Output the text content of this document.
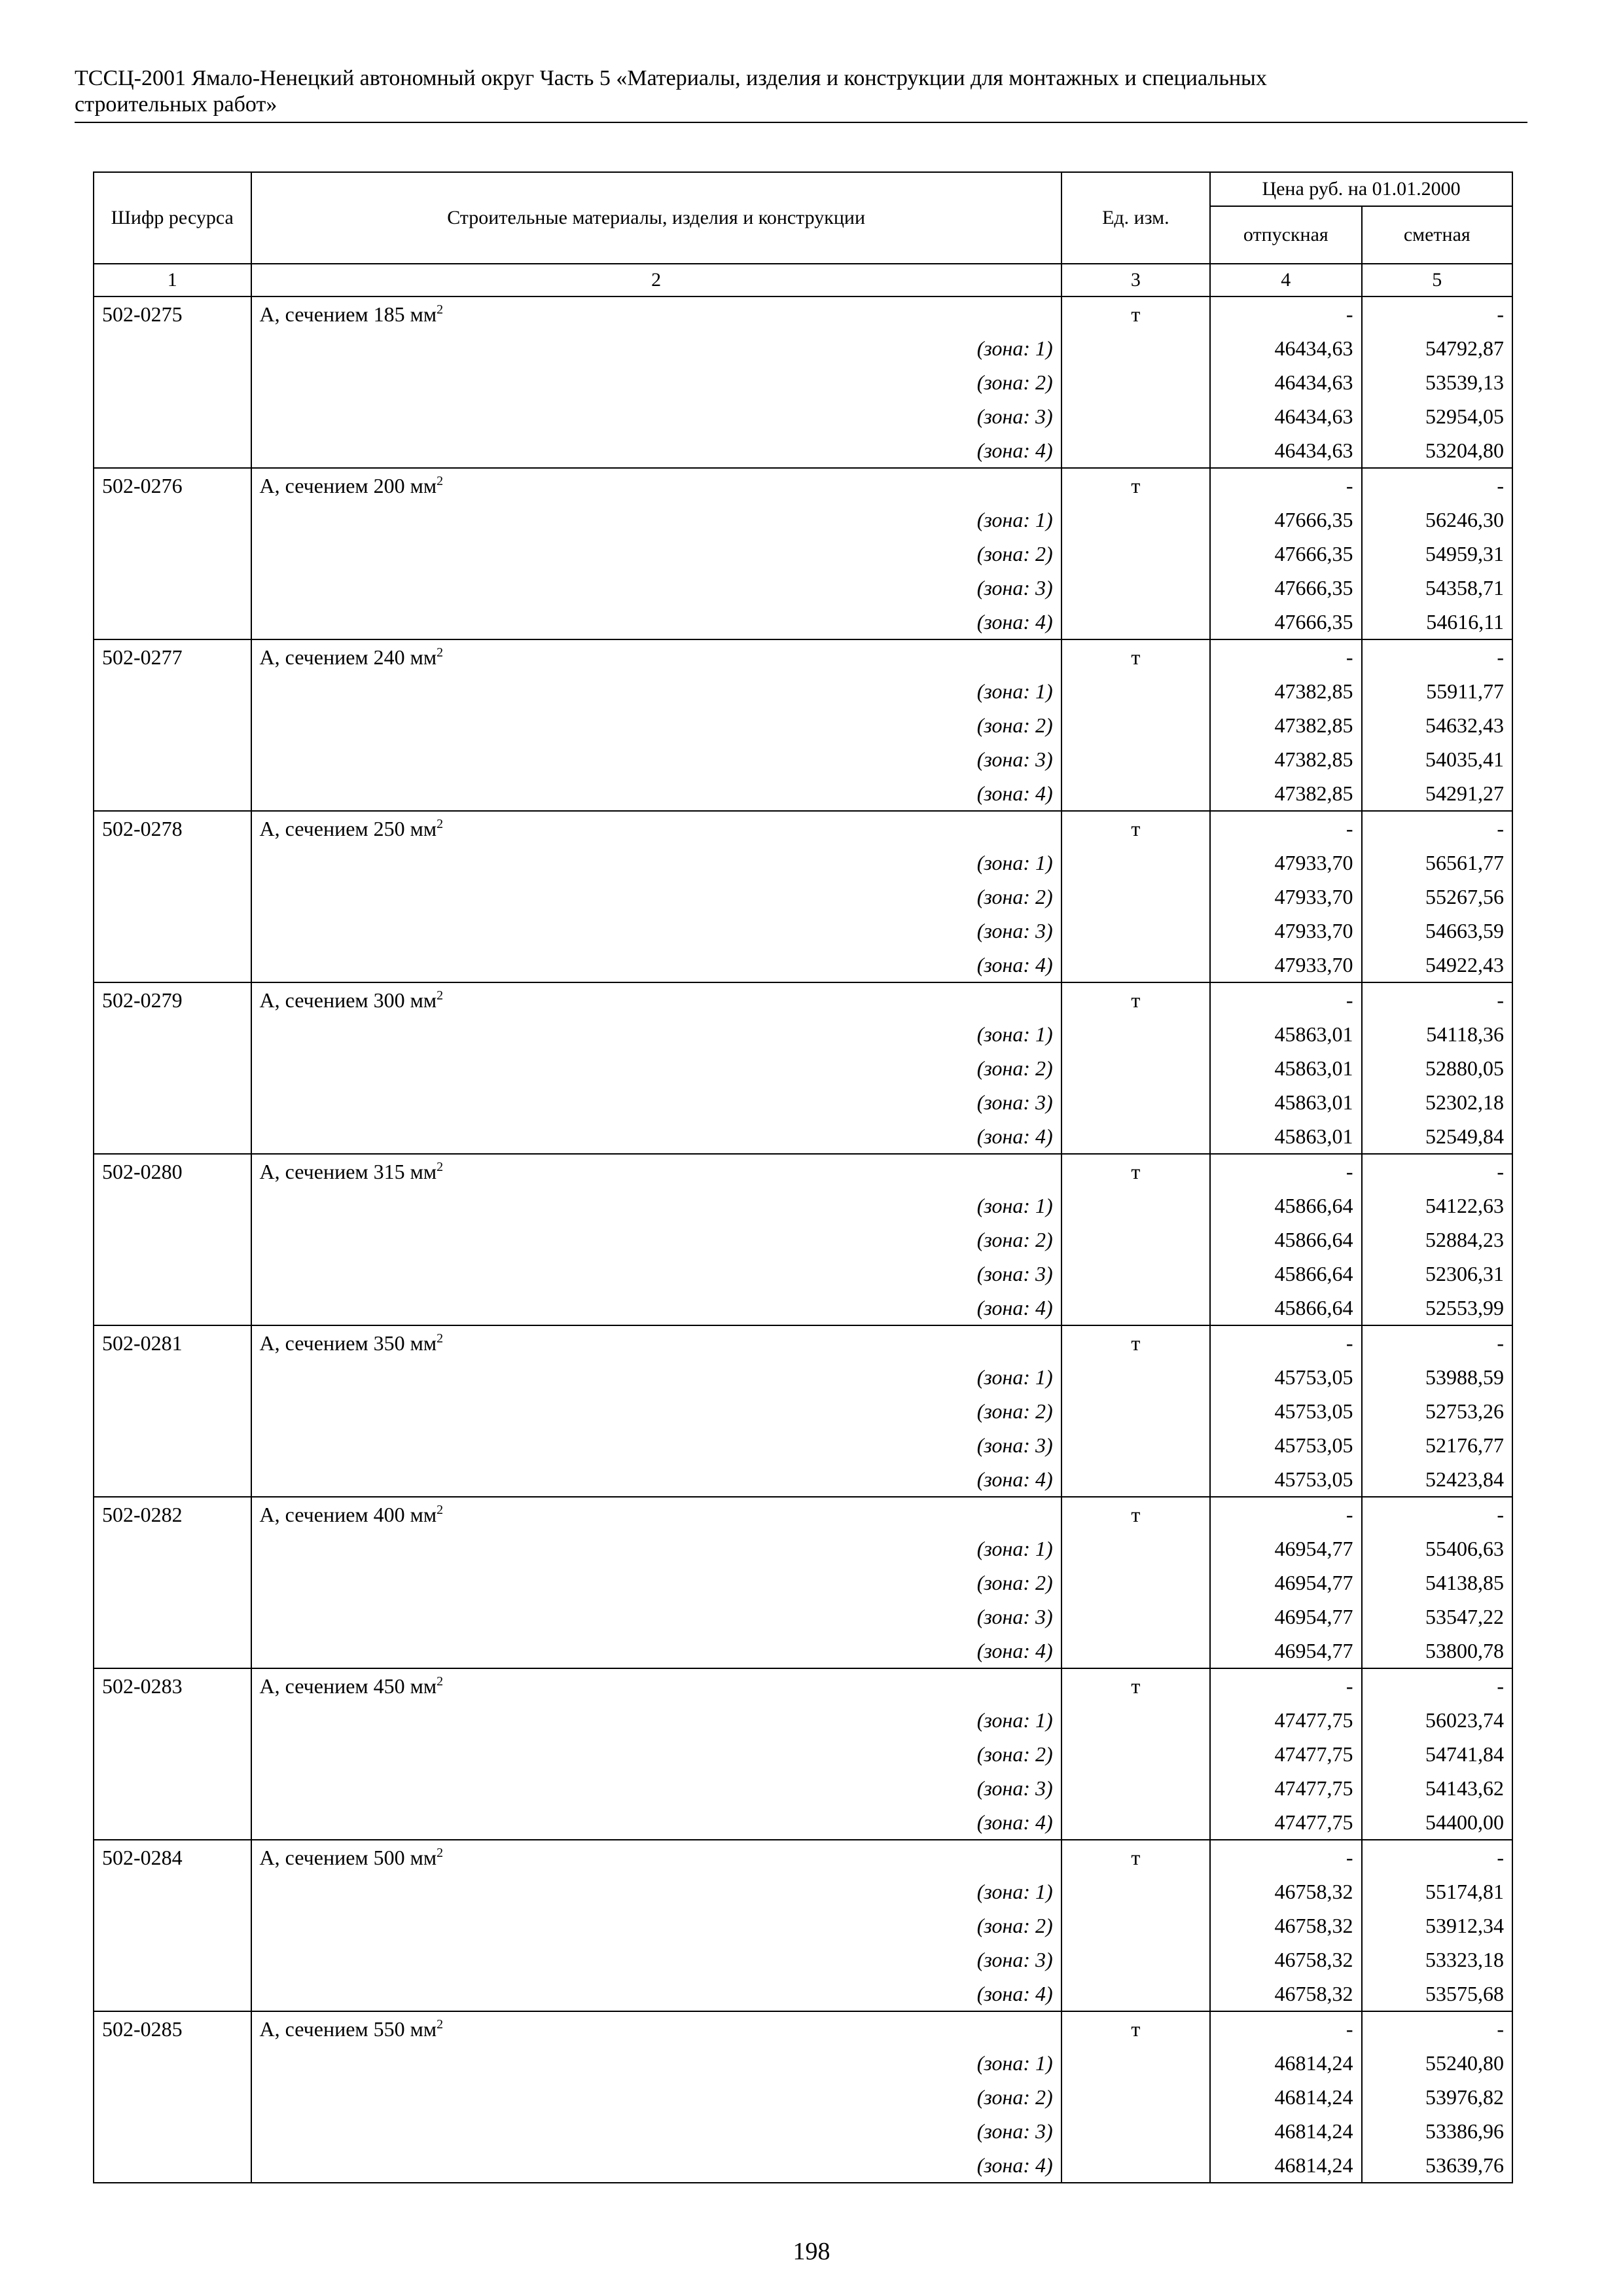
ТССЦ-2001 Ямало-Ненецкий автономный округ Часть 5 «Материалы, изделия и конструкции для монтажных и специальных
строительных работ»
Шифр ресурса	Строительные материалы, изделия и конструкции	Ед. изм.	Цена руб. на 01.01.2000	
			отпускная	сметная
1	2	3	4	5
502-0275	А, сечением 185 $мм^2$	т	-	-
	(зона: 1)		46434,63	54792,87
	(зона: 2)		46434,63	53539,13
	(зона: 3)		46434,63	52954,05
	(зона: 4)		46434,63	53204,80
502-0276	А, сечением 200 $мм^2$	т	-	-
	(зона: 1)		47666,35	56246,30
	(зона: 2)		47666,35	54959,31
	(зона: 3)		47666,35	54358,71
	(зона: 4)		47666,35	54616,11
502-0277	А, сечением 240 $мм^2$	т	-	-
	(зона: 1)		47382,85	55911,77
	(зона: 2)		47382,85	54632,43
	(зона: 3)		47382,85	54035,41
	(зона: 4)		47382,85	54291,27
502-0278	А, сечением 250 $мм^2$	т	-	-
	(зона: 1)		47933,70	56561,77
	(зона: 2)		47933,70	55267,56
	(зона: 3)		47933,70	54663,59
	(зона: 4)		47933,70	54922,43
502-0279	А, сечением 300 $мм^2$	т	-	-
	(зона: 1)		45863,01	54118,36
	(зона: 2)		45863,01	52880,05
	(зона: 3)		45863,01	52302,18
	(зона: 4)		45863,01	52549,84
502-0280	А, сечением 315 $мм^2$	т	-	-
	(зона: 1)		45866,64	54122,63
	(зона: 2)		45866,64	52884,23
	(зона: 3)		45866,64	52306,31
	(зона: 4)		45866,64	52553,99
502-0281	А, сечением 350 $мм^2$	т	-	-
	(зона: 1)		45753,05	53988,59
	(зона: 2)		45753,05	52753,26
	(зона: 3)		45753,05	52176,77
	(зона: 4)		45753,05	52423,84
502-0282	А, сечением 400 $мм^2$	т	-	-
	(зона: 1)		46954,77	55406,63
	(зона: 2)		46954,77	54138,85
	(зона: 3)		46954,77	53547,22
	(зона: 4)		46954,77	53800,78
502-0283	А, сечением 450 $мм^2$	т	-	-
	(зона: 1)		47477,75	56023,74
	(зона: 2)		47477,75	54741,84
	(зона: 3)		47477,75	54143,62
	(зона: 4)		47477,75	54400,00
502-0284	А, сечением 500 $мм^2$	т	-	-
	(зона: 1)		46758,32	55174,81
	(зона: 2)		46758,32	53912,34
	(зона: 3)		46758,32	53323,18
	(зона: 4)		46758,32	53575,68
502-0285	А, сечением 550 $мм^2$	т	-	-
	(зона: 1)		46814,24	55240,80
	(зона: 2)		46814,24	53976,82
	(зона: 3)		46814,24	53386,96
	(зона: 4)		46814,24	53639,76
198
